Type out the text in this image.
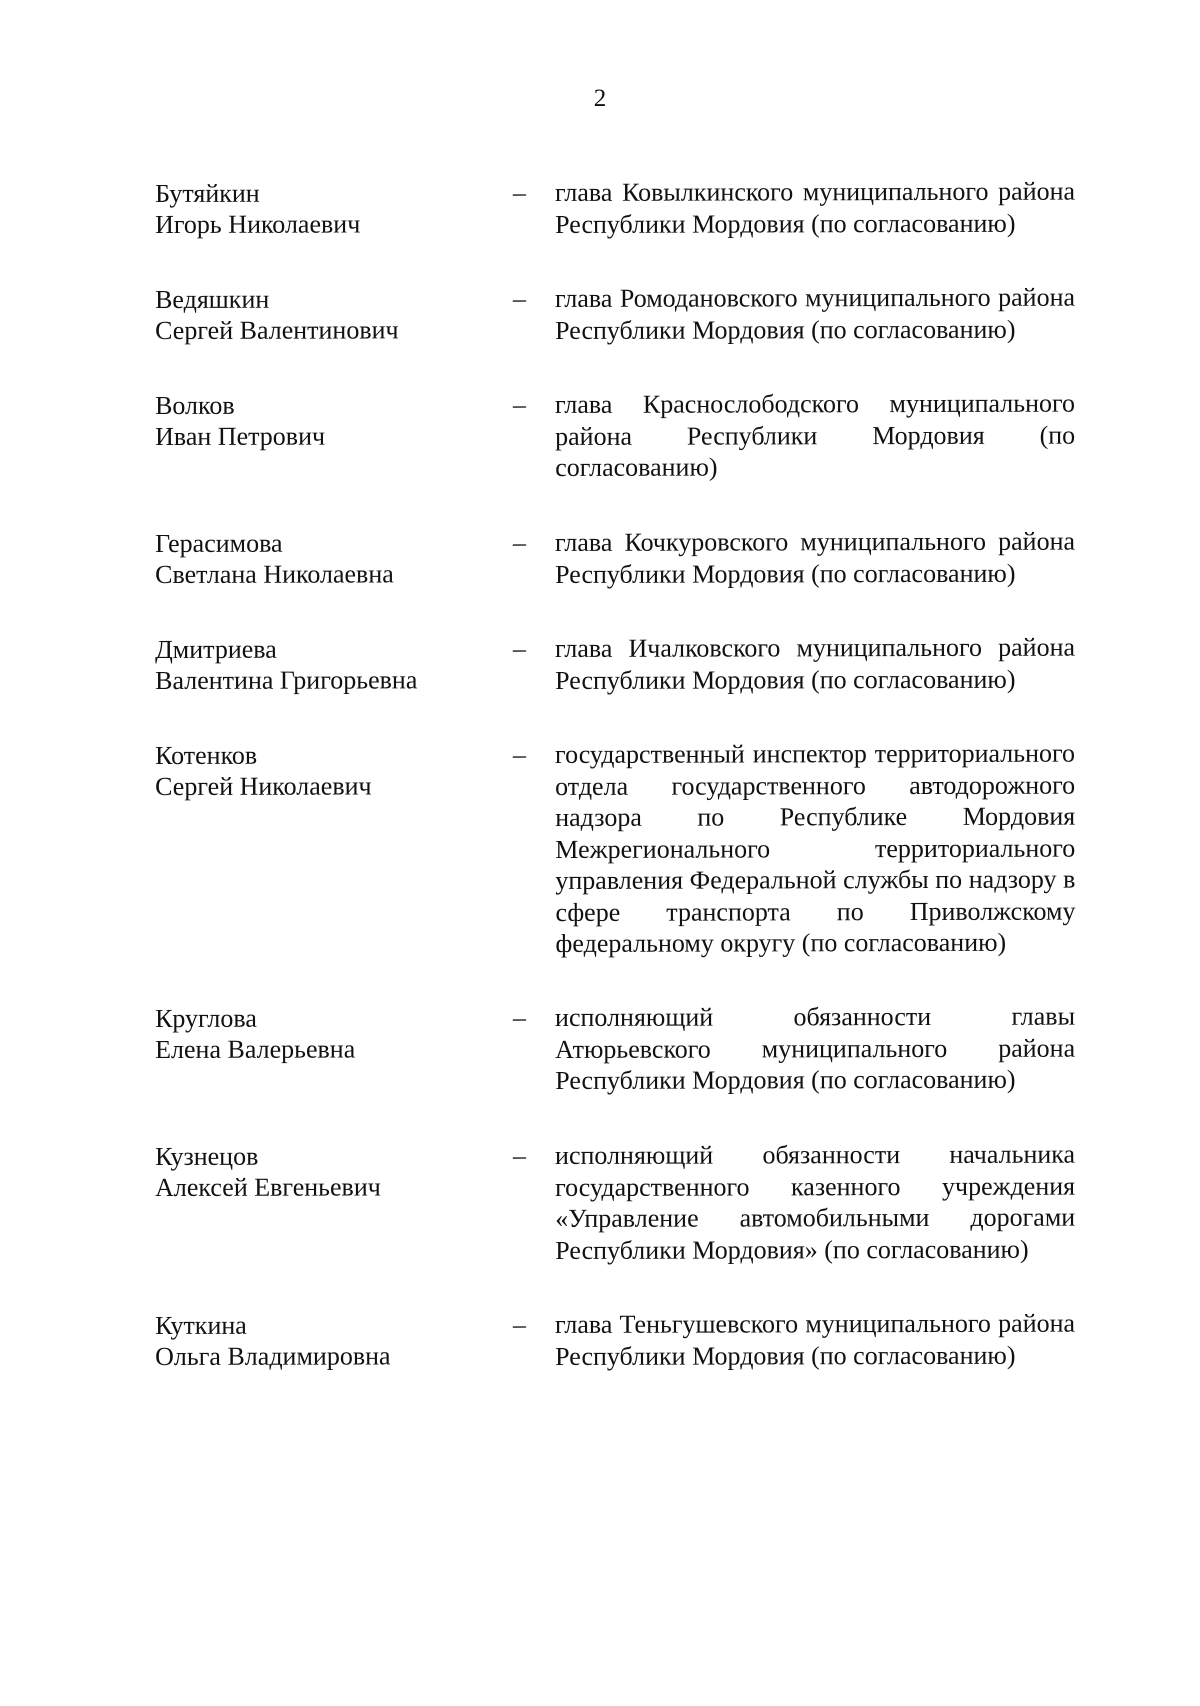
2
Бутяйкин
Игорь Николаевич
–	глава Ковылкинского муниципального района Республики Мордовия (по согласованию)
Ведяшкин
Сергей Валентинович
–	глава Ромодановского муниципального района Республики Мордовия (по согласованию)
Волков
Иван Петрович
–	глава Краснослободского муниципального района Республики Мордовия (по согласованию)
Герасимова
Светлана Николаевна
–	глава Кочкуровского муниципального района Республики Мордовия (по согласованию)
Дмитриева
Валентина Григорьевна
–	глава Ичалковского муниципального района Республики Мордовия (по согласованию)
Котенков
Сергей Николаевич
–	государственный инспектор территориального отдела государственного автодорожного надзора по Республике Мордовия Межрегионального территориального управления Федеральной службы по надзору в сфере транспорта по Приволжскому федеральному округу (по согласованию)
Круглова
Елена Валерьевна
–	исполняющий обязанности главы Атюрьевского муниципального района Республики Мордовия (по согласованию)
Кузнецов
Алексей Евгеньевич
–	исполняющий обязанности начальника государственного казенного учреждения «Управление автомобильными дорогами Республики Мордовия» (по согласованию)
Куткина
Ольга Владимировна
–	глава Теньгушевского муниципального района Республики Мордовия (по согласованию)
